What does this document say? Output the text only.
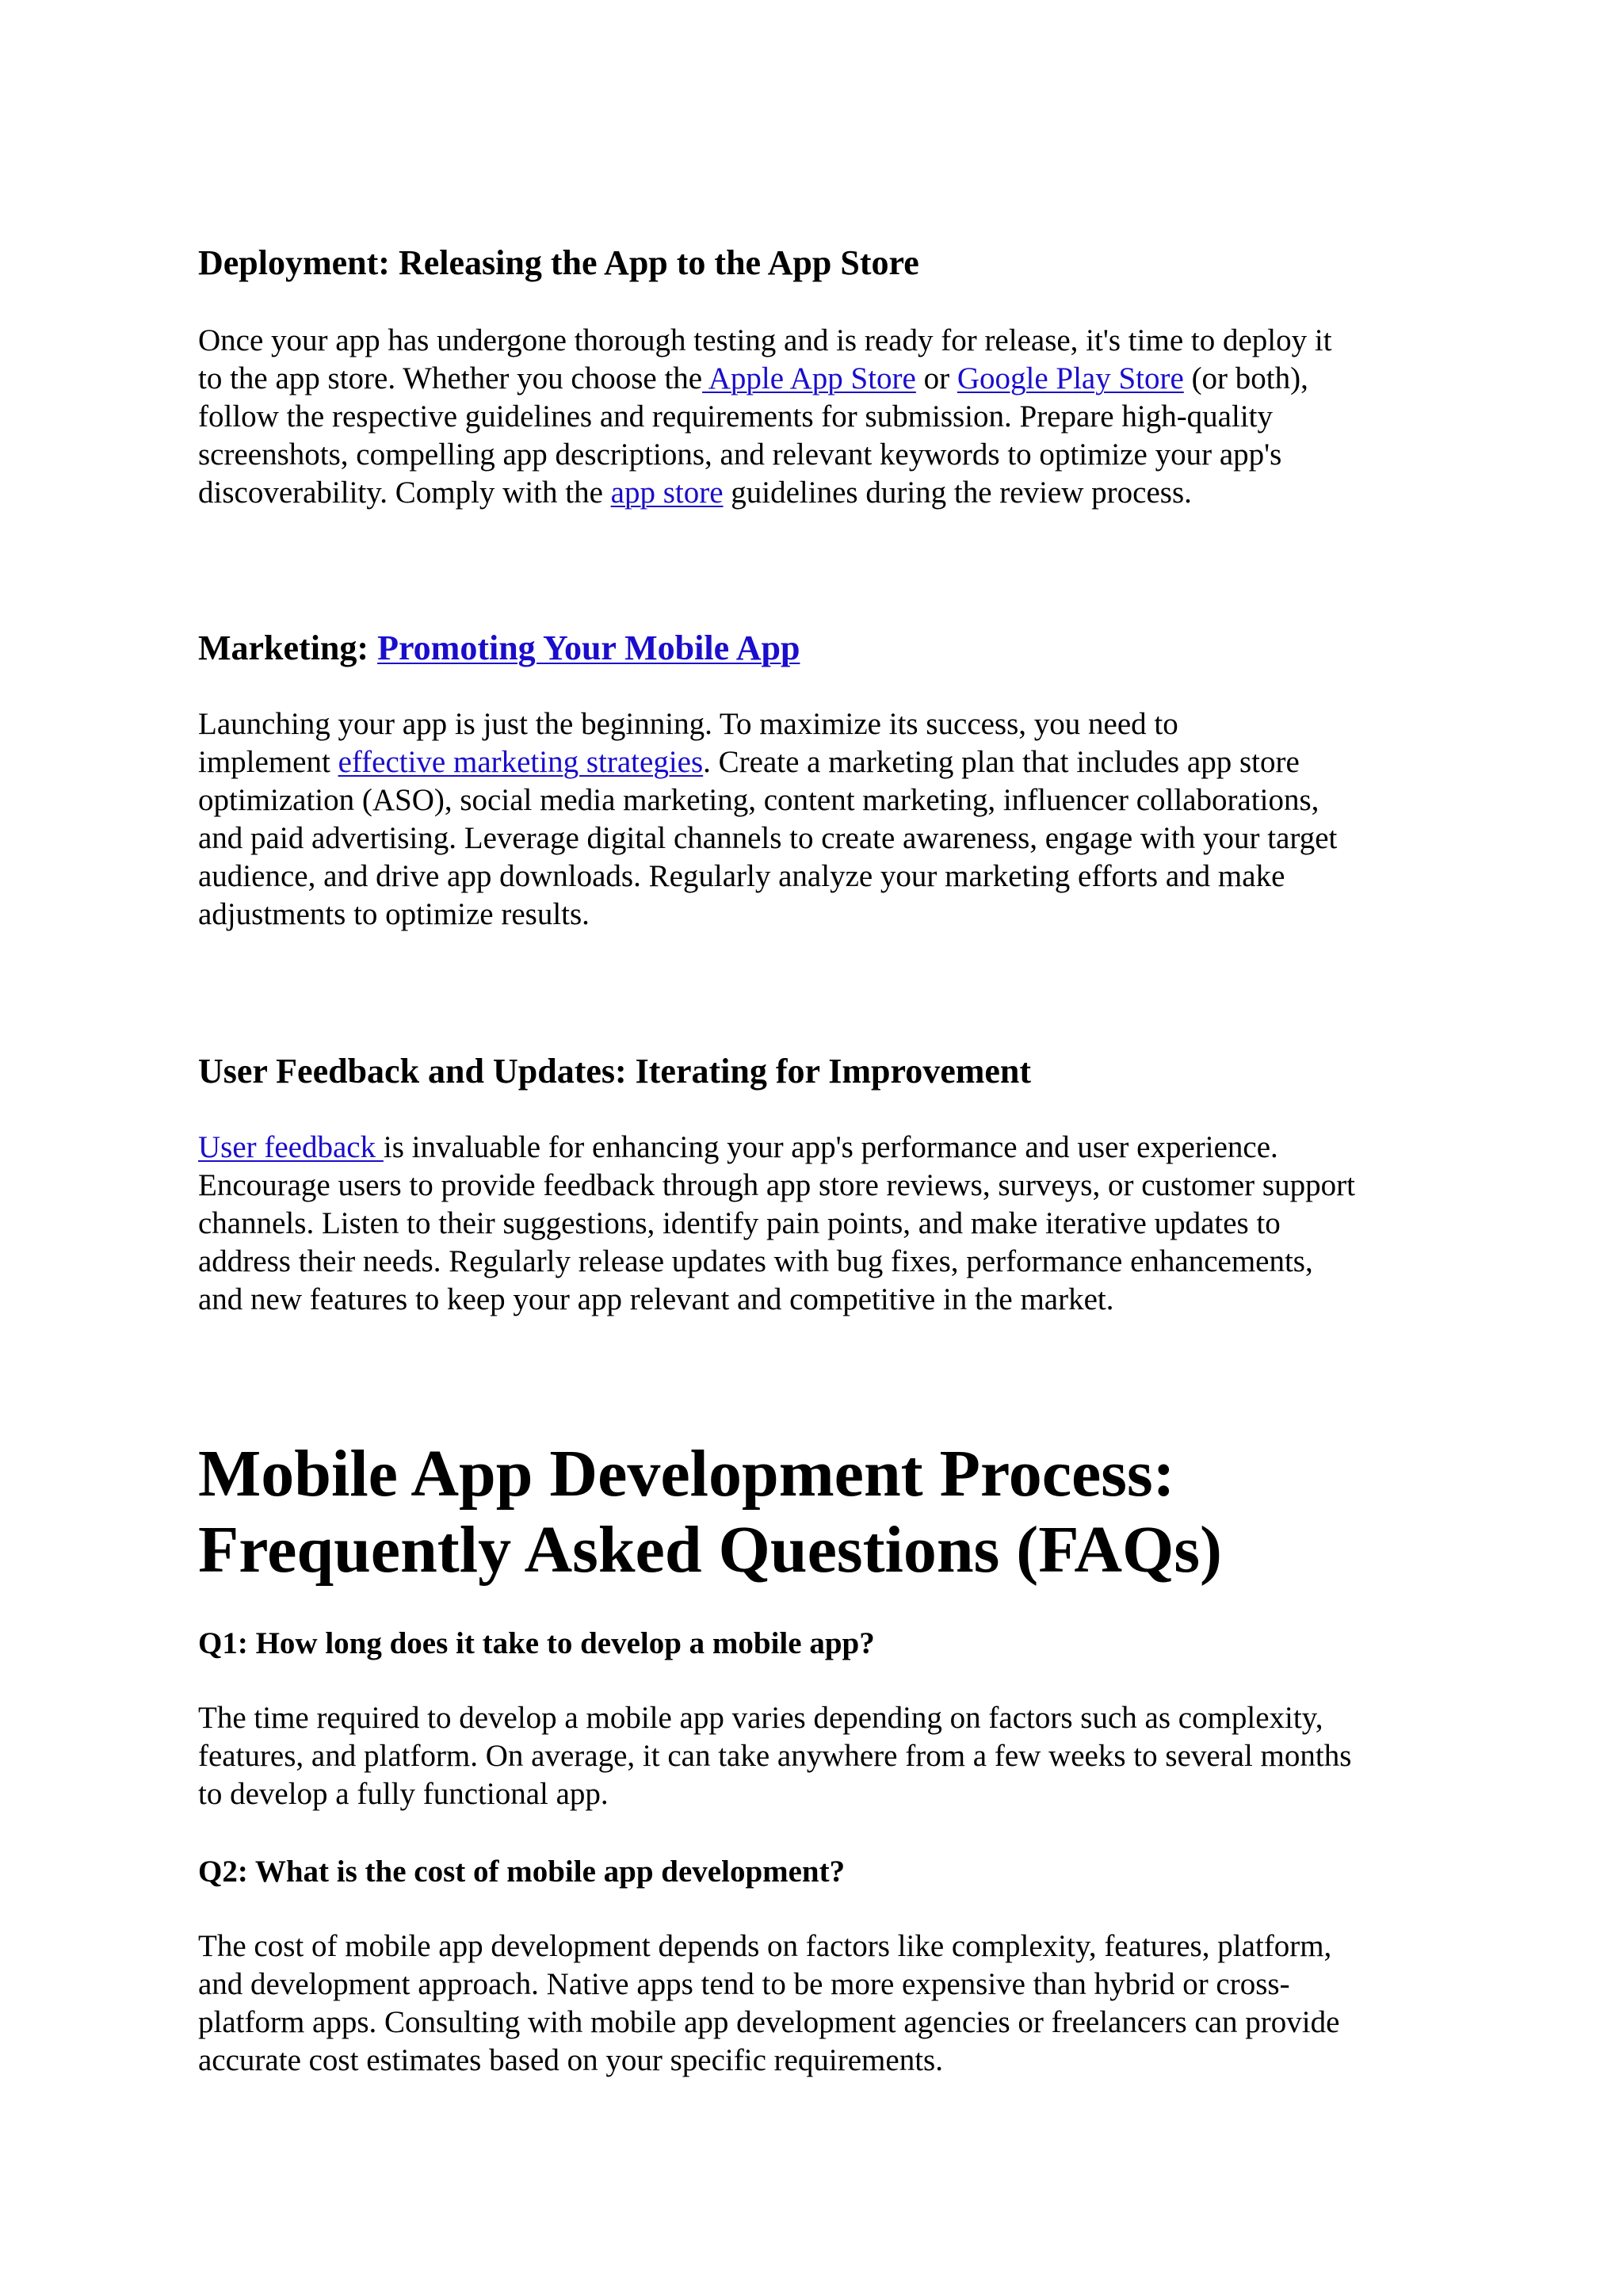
Deployment: Releasing the App to the App Store
Once your app has undergone thorough testing and is ready for release, it's time to deploy it
to the app store. Whether you choose the Apple App Store or Google Play Store (or both),
follow the respective guidelines and requirements for submission. Prepare high-quality
screenshots, compelling app descriptions, and relevant keywords to optimize your app's
discoverability. Comply with the app store guidelines during the review process.
Marketing: Promoting Your Mobile App
Launching your app is just the beginning. To maximize its success, you need to
implement effective marketing strategies. Create a marketing plan that includes app store
optimization (ASO), social media marketing, content marketing, influencer collaborations,
and paid advertising. Leverage digital channels to create awareness, engage with your target
audience, and drive app downloads. Regularly analyze your marketing efforts and make
adjustments to optimize results.
User Feedback and Updates: Iterating for Improvement
User feedback is invaluable for enhancing your app's performance and user experience.
Encourage users to provide feedback through app store reviews, surveys, or customer support
channels. Listen to their suggestions, identify pain points, and make iterative updates to
address their needs. Regularly release updates with bug fixes, performance enhancements,
and new features to keep your app relevant and competitive in the market.
Mobile App Development Process:
Frequently Asked Questions (FAQs)

Q1: How long does it take to develop a mobile app?

The time required to develop a mobile app varies depending on factors such as complexity,
features, and platform. On average, it can take anywhere from a few weeks to several months
to develop a fully functional app.

Q2: What is the cost of mobile app development?

The cost of mobile app development depends on factors like complexity, features, platform,
and development approach. Native apps tend to be more expensive than hybrid or cross-
platform apps. Consulting with mobile app development agencies or freelancers can provide
accurate cost estimates based on your specific requirements.
